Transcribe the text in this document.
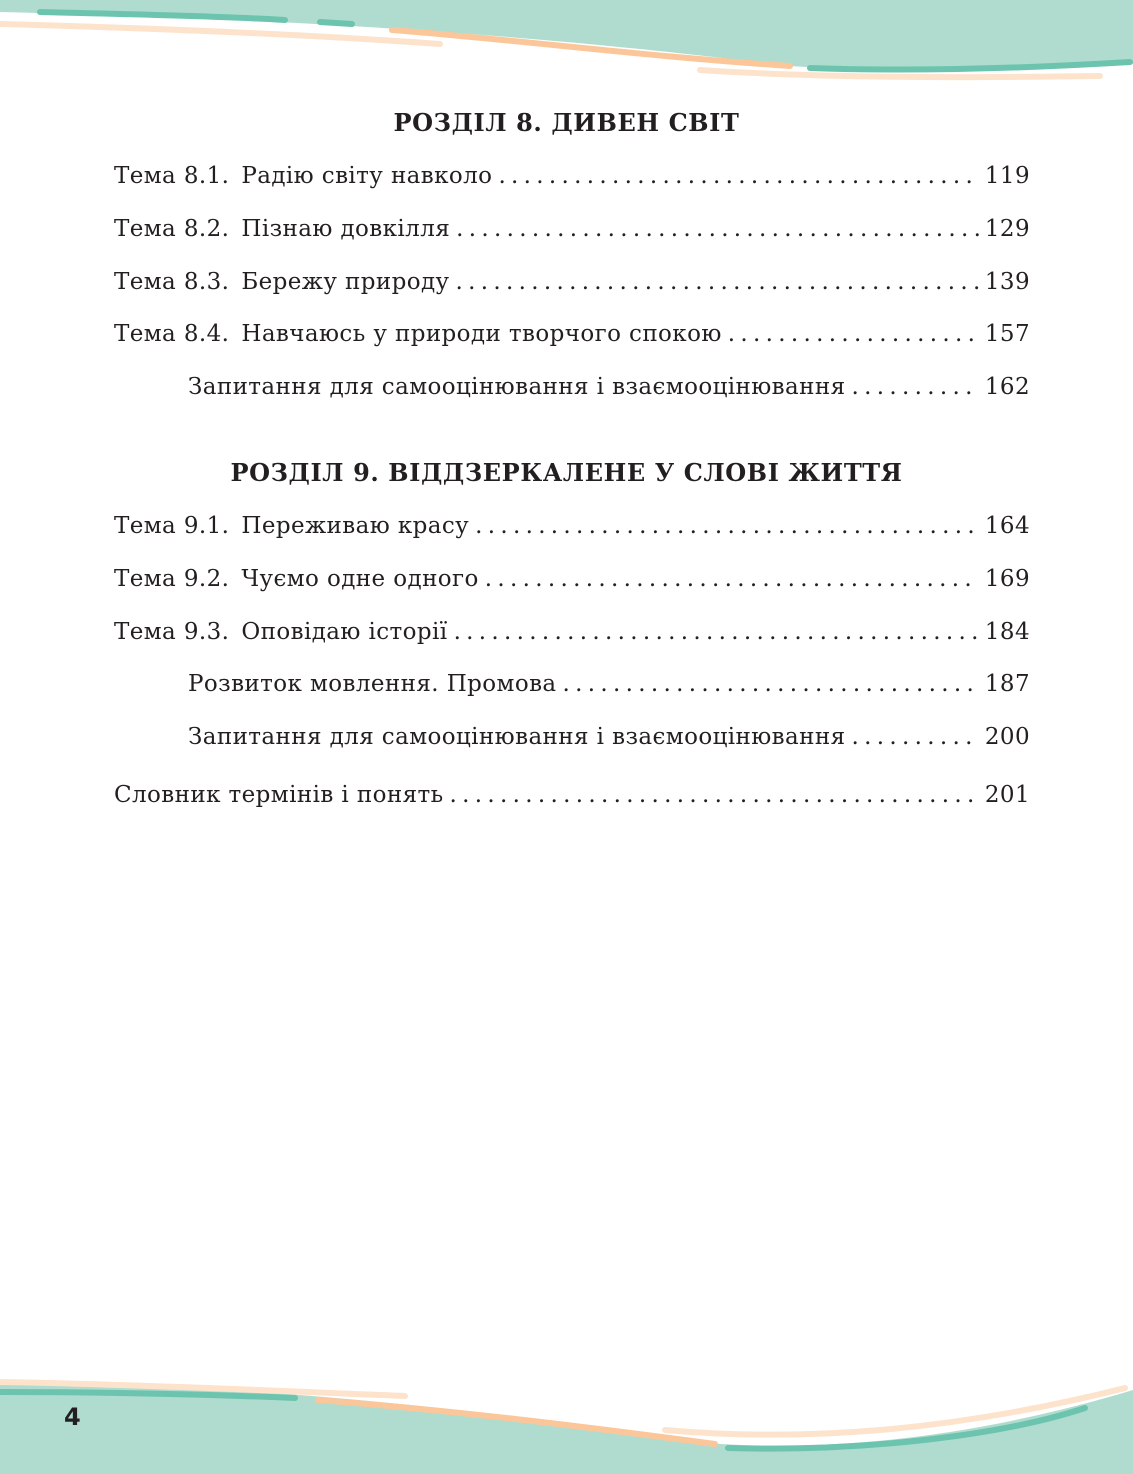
РОЗДІЛ 8. ДИВЕН СВІТ
Тема 8.1. Радію світу навколо . . .	119
Тема 8.2. Пізнаю довкілля . . .	129
Тема 8.3. Бережу природу . . .	139
Тема 8.4. Навчаюсь у природи творчого спокою . . .	157
Запитання для самооцінювання і взаємооцінювання . . .	162
РОЗДІЛ 9. ВІДДЗЕРКАЛЕНЕ У СЛОВІ ЖИТТЯ
Тема 9.1. Переживаю красу . . .	164
Тема 9.2. Чуємо одне одного . . .	169
Тема 9.3. Оповідаю історії . . .	184
Розвиток мовлення. Промова . . .	187
Запитання для самооцінювання і взаємооцінювання . . .	200
Словник термінів і понять . . .	201
4
